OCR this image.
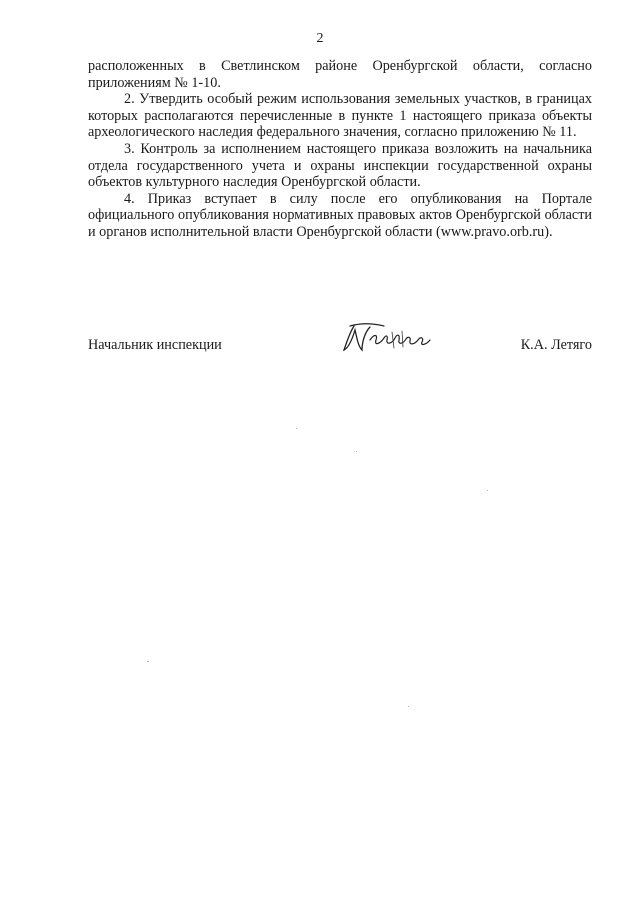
2

расположенных в Светлинском районе Оренбургской области, согласно приложениям № 1-10.

2. Утвердить особый режим использования земельных участков, в границах которых располагаются перечисленные в пункте 1 настоящего приказа объекты археологического наследия федерального значения, согласно приложению № 11.

3. Контроль за исполнением настоящего приказа возложить на начальника отдела государственного учета и охраны инспекции государственной охраны объектов культурного наследия Оренбургской области.

4. Приказ вступает в силу после его опубликования на Портале официального опубликования нормативных правовых актов Оренбургской области и органов исполнительной власти Оренбургской области (www.pravo.orb.ru).

Начальник инспекции	К.А. Летяго
